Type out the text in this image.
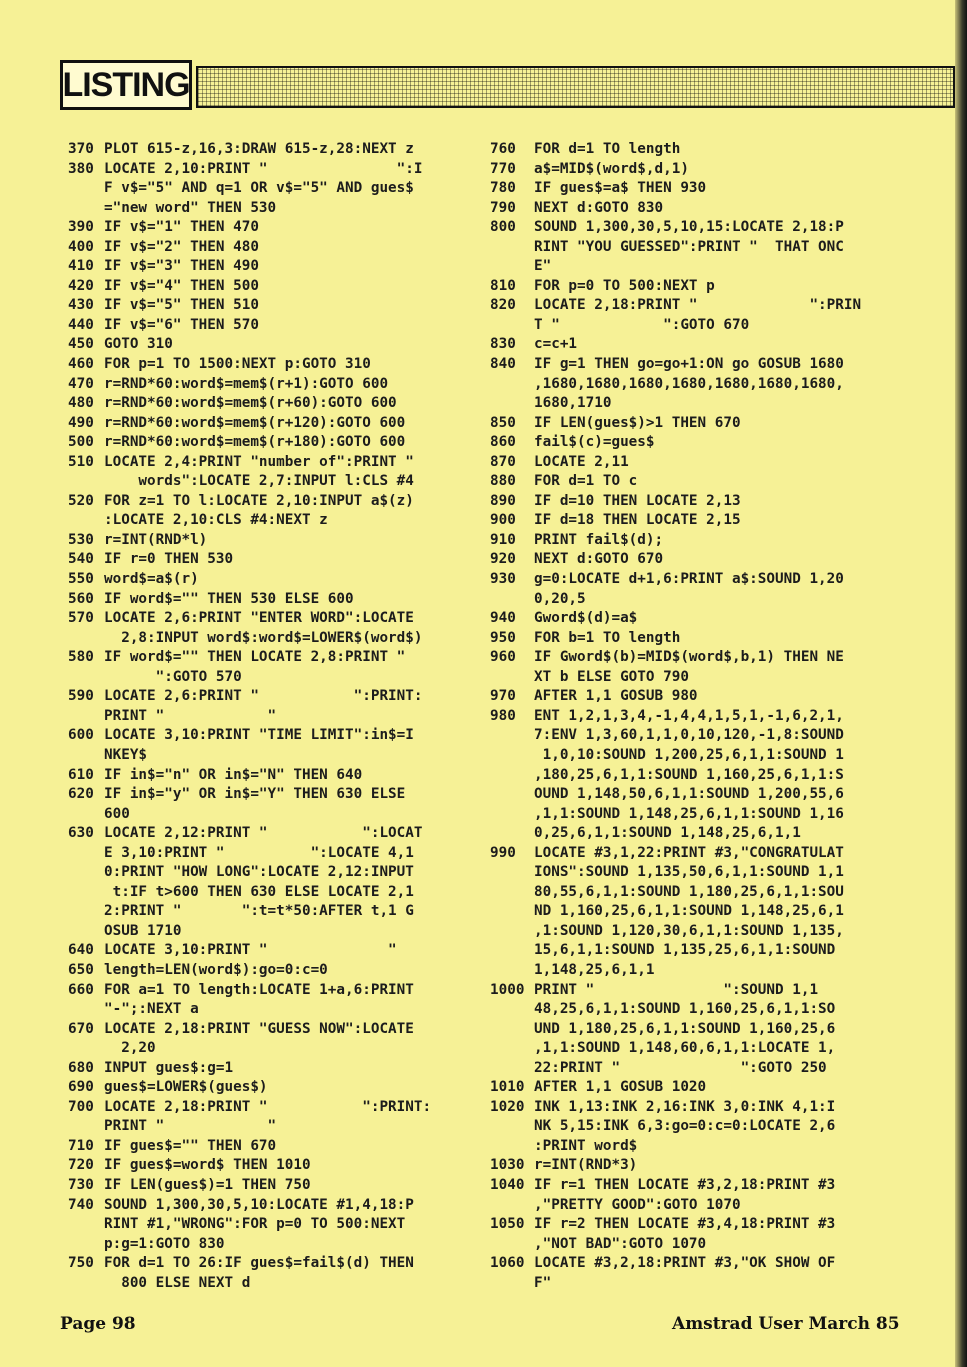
LISTING
370 PLOT 615-z,16,3:DRAW 615-z,28:NEXT z
380 LOCATE 2,10:PRINT "               ":I
F v$="5" AND q=1 OR v$="5" AND gues$
="new word" THEN 530
390 IF v$="1" THEN 470
400 IF v$="2" THEN 480
410 IF v$="3" THEN 490
420 IF v$="4" THEN 500
430 IF v$="5" THEN 510
440 IF v$="6" THEN 570
450 GOTO 310
460 FOR p=1 TO 1500:NEXT p:GOTO 310
470 r=RND*60:word$=mem$(r+1):GOTO 600
480 r=RND*60:word$=mem$(r+60):GOTO 600
490 r=RND*60:word$=mem$(r+120):GOTO 600
500 r=RND*60:word$=mem$(r+180):GOTO 600
510 LOCATE 2,4:PRINT "number of":PRINT "
words":LOCATE 2,7:INPUT l:CLS #4
520 FOR z=1 TO l:LOCATE 2,10:INPUT a$(z)
:LOCATE 2,10:CLS #4:NEXT z
530 r=INT(RND*l)
540 IF r=0 THEN 530
550 word$=a$(r)
560 IF word$="" THEN 530 ELSE 600
570 LOCATE 2,6:PRINT "ENTER WORD":LOCATE
2,8:INPUT word$:word$=LOWER$(word$)
580 IF word$="" THEN LOCATE 2,8:PRINT "
":GOTO 570
590 LOCATE 2,6:PRINT "           ":PRINT:
PRINT "            "
600 LOCATE 3,10:PRINT "TIME LIMIT":in$=I
NKEY$
610 IF in$="n" OR in$="N" THEN 640
620 IF in$="y" OR in$="Y" THEN 630 ELSE
600
630 LOCATE 2,12:PRINT "           ":LOCAT
E 3,10:PRINT "          ":LOCATE 4,1
0:PRINT "HOW LONG":LOCATE 2,12:INPUT
t:IF t>600 THEN 630 ELSE LOCATE 2,1
2:PRINT "       ":t=t*50:AFTER t,1 G
OSUB 1710
640 LOCATE 3,10:PRINT "              "
650 length=LEN(word$):go=0:c=0
660 FOR a=1 TO length:LOCATE 1+a,6:PRINT
"-";:NEXT a
670 LOCATE 2,18:PRINT "GUESS NOW":LOCATE
2,20
680 INPUT gues$:g=1
690 gues$=LOWER$(gues$)
700 LOCATE 2,18:PRINT "           ":PRINT:
PRINT "            "
710 IF gues$="" THEN 670
720 IF gues$=word$ THEN 1010
730 IF LEN(gues$)=1 THEN 750
740 SOUND 1,300,30,5,10:LOCATE #1,4,18:P
RINT #1,"WRONG":FOR p=0 TO 500:NEXT
p:g=1:GOTO 830
750 FOR d=1 TO 26:IF gues$=fail$(d) THEN
800 ELSE NEXT d
760	FOR d=1 TO length
770	a$=MID$(word$,d,1)
780	IF gues$=a$ THEN 930
790	NEXT d:GOTO 830
800	SOUND 1,300,30,5,10,15:LOCATE 2,18:P
RINT "YOU GUESSED":PRINT "  THAT ONC
E"
810	FOR p=0 TO 500:NEXT p
820	LOCATE 2,18:PRINT "             ":PRIN
T "            ":GOTO 670
830	c=c+1
840	IF g=1 THEN go=go+1:ON go GOSUB 1680
,1680,1680,1680,1680,1680,1680,1680,
1680,1710
850	IF LEN(gues$)>1 THEN 670
860	fail$(c)=gues$
870	LOCATE 2,11
880	FOR d=1 TO c
890	IF d=10 THEN LOCATE 2,13
900	IF d=18 THEN LOCATE 2,15
910	PRINT fail$(d);
920	NEXT d:GOTO 670
930	g=0:LOCATE d+1,6:PRINT a$:SOUND 1,20
0,20,5
940	Gword$(d)=a$
950	FOR b=1 TO length
960	IF Gword$(b)=MID$(word$,b,1) THEN NE
XT b ELSE GOTO 790
970	AFTER 1,1 GOSUB 980
980	ENT 1,2,1,3,4,-1,4,4,1,5,1,-1,6,2,1,
7:ENV 1,3,60,1,1,0,10,120,-1,8:SOUND
1,0,10:SOUND 1,200,25,6,1,1:SOUND 1
,180,25,6,1,1:SOUND 1,160,25,6,1,1:S
OUND 1,148,50,6,1,1:SOUND 1,200,55,6
,1,1:SOUND 1,148,25,6,1,1:SOUND 1,16
0,25,6,1,1:SOUND 1,148,25,6,1,1
990	LOCATE #3,1,22:PRINT #3,"CONGRATULAT
IONS":SOUND 1,135,50,6,1,1:SOUND 1,1
80,55,6,1,1:SOUND 1,180,25,6,1,1:SOU
ND 1,160,25,6,1,1:SOUND 1,148,25,6,1
,1:SOUND 1,120,30,6,1,1:SOUND 1,135,
15,6,1,1:SOUND 1,135,25,6,1,1:SOUND
1,148,25,6,1,1
1000 PRINT "               ":SOUND 1,1
48,25,6,1,1:SOUND 1,160,25,6,1,1:SO
UND 1,180,25,6,1,1:SOUND 1,160,25,6
,1,1:SOUND 1,148,60,6,1,1:LOCATE 1,
22:PRINT "              ":GOTO 250
1010 AFTER 1,1 GOSUB 1020
1020 INK 1,13:INK 2,16:INK 3,0:INK 4,1:I
NK 5,15:INK 6,3:go=0:c=0:LOCATE 2,6
:PRINT word$
1030 r=INT(RND*3)
1040 IF r=1 THEN LOCATE #3,2,18:PRINT #3
,"PRETTY GOOD":GOTO 1070
1050 IF r=2 THEN LOCATE #3,4,18:PRINT #3
,"NOT BAD":GOTO 1070
1060 LOCATE #3,2,18:PRINT #3,"OK SHOW OF
F"
Page 98	Amstrad User March 85
